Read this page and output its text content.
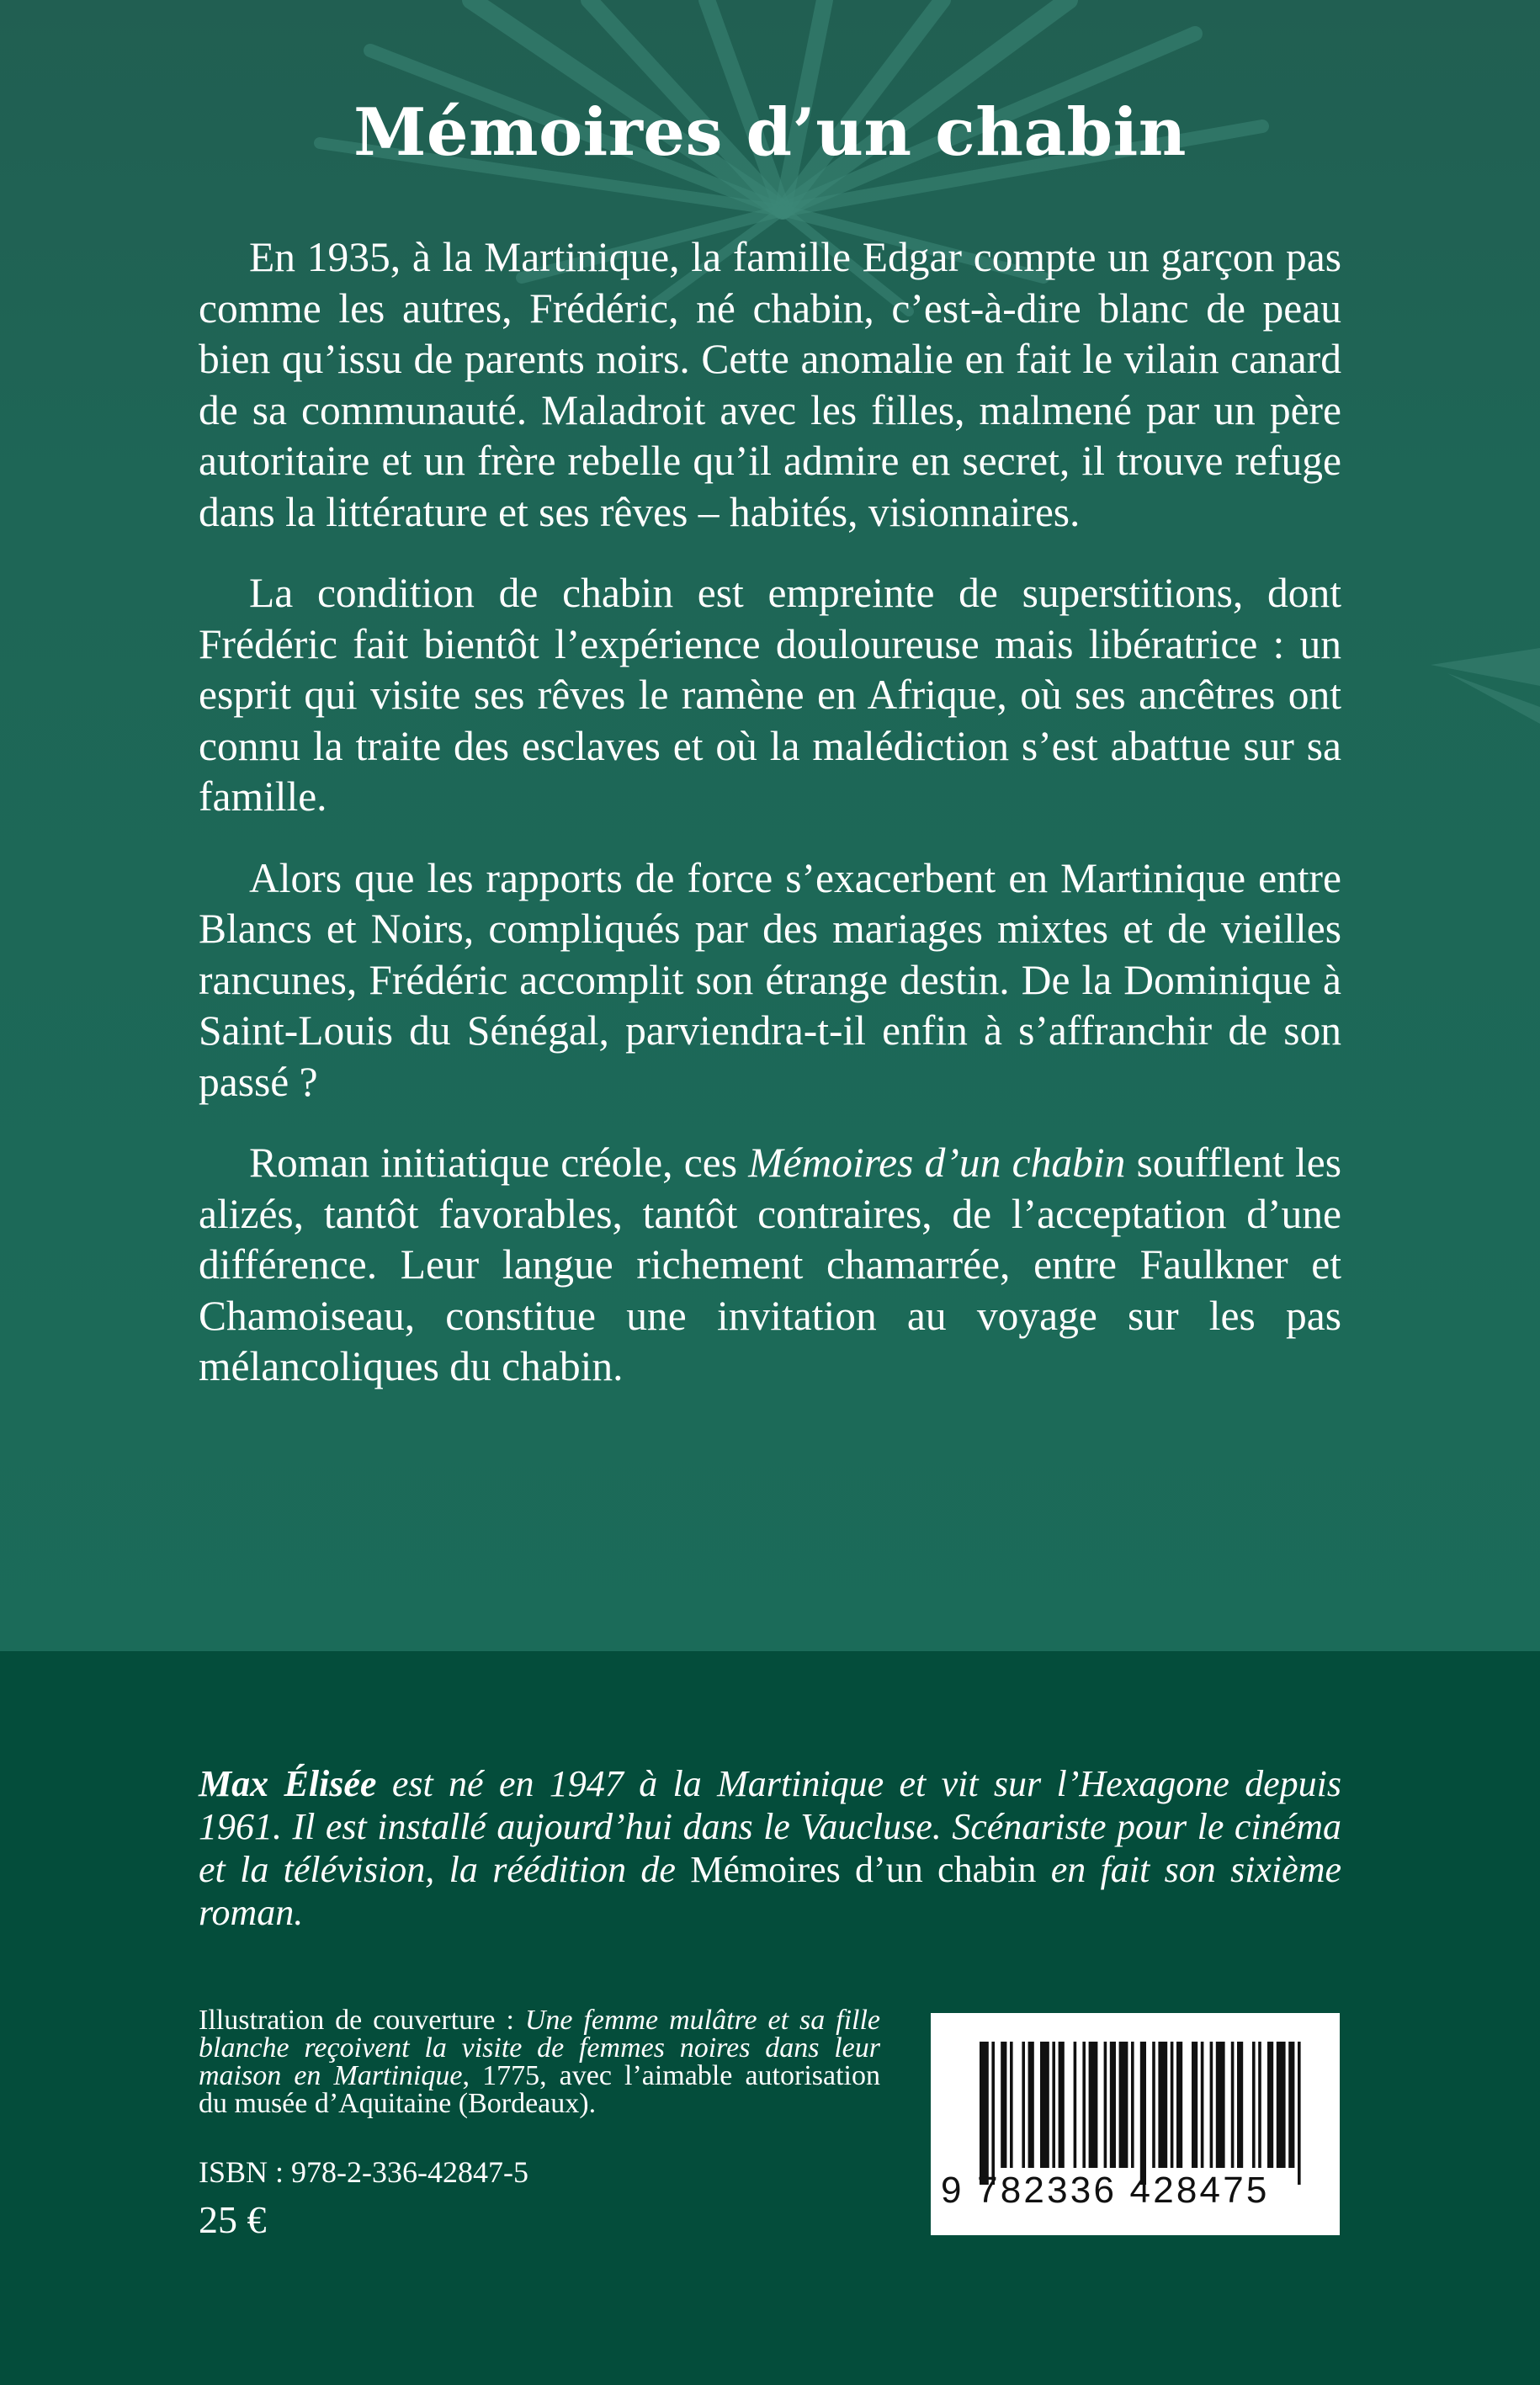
Mémoires d’un chabin

En 1935, à la Martinique, la famille Edgar compte un garçon pas comme les autres, Frédéric, né chabin, c’est-à-dire blanc de peau bien qu’issu de parents noirs. Cette anomalie en fait le vilain canard de sa communauté. Maladroit avec les filles, malmené par un père autoritaire et un frère rebelle qu’il admire en secret, il trouve refuge dans la littérature et ses rêves – habités, visionnaires.

La condition de chabin est empreinte de superstitions, dont Frédéric fait bientôt l’expérience douloureuse mais libératrice : un esprit qui visite ses rêves le ramène en Afrique, où ses ancêtres ont connu la traite des esclaves et où la malédiction s’est abattue sur sa famille.

Alors que les rapports de force s’exacerbent en Martinique entre Blancs et Noirs, compliqués par des mariages mixtes et de vieilles rancunes, Frédéric accomplit son étrange destin. De la Dominique à Saint-Louis du Sénégal, parviendra-t-il enfin à s’affranchir de son passé ?

Roman initiatique créole, ces Mémoires d’un chabin soufflent les alizés, tantôt favorables, tantôt contraires, de l’acceptation d’une différence. Leur langue richement chamarrée, entre Faulkner et Chamoiseau, constitue une invitation au voyage sur les pas mélancoliques du chabin.

Max Élisée est né en 1947 à la Martinique et vit sur l’Hexagone depuis 1961. Il est installé aujourd’hui dans le Vaucluse. Scénariste pour le cinéma et la télévision, la réédition de Mémoires d’un chabin en fait son sixième roman.
Illustration de couverture : Une femme mulâtre et sa fille blanche reçoivent la visite de femmes noires dans leur maison en Martinique, 1775, avec l’aimable autorisation du musée d’Aquitaine (Bordeaux).
ISBN : 978-2-336-42847-5
25 €
9 782336 428475
